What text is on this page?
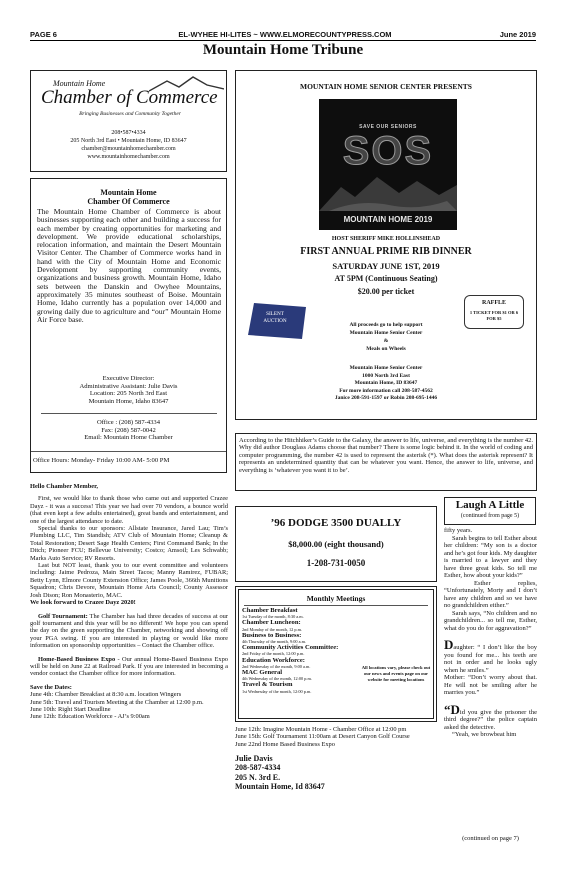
PAGE 6	EL-WYHEE HI-LITES ~ WWW.ELMORECOUNTYPRESS.COM	June 2019
Mountain Home Tribune
Mountain Home
Chamber of Commerce
Bringing Businesses and Community Together
208•587•4334
205 North 3rd East • Mountain Home, ID 83647
chamber@mountainhomechamber.com
www.mountainhomechamber.com
Mountain Home
Chamber Of Commerce

The Mountain Home Chamber of Commerce is about businesses supporting each other and building a success for each member by creating opportunities for marketing and development. We provide educational scholarships, relocation information, and maintain the Desert Mountain Visitor Center. The Chamber of Commerce works hand in hand with the City of Mountain Home and Economic Development by supporting community events, organizations and business growth. Mountain Home, Idaho sets between the Danskin and Owyhee Mountains, approximately 35 minutes southeast of Boise. Mountain Home, Idaho currently has a population over 14,000 and growing daily due to agriculture and “our” Mountain Home Air Force base.

Executive Director:
Administrative Assistant: Julie Davis
Location: 205 North 3rd East
Mountain Home, Idaho 83647
Office : (208) 587-4334
Fax: (208) 587-0042
Email: Mountain Home Chamber
Office Hours: Monday- Friday 10:00 AM- 5:00 PM
MOUNTAIN HOME SENIOR CENTER PRESENTS
SAVE OUR SENIORS
SOS
MOUNTAIN HOME 2019
HOST SHERIFF MIKE HOLLINSHEAD
FIRST ANNUAL PRIME RIB DINNER
SATURDAY JUNE 1ST, 2019
AT 5PM (Continuous Seating)
$20.00 per ticket
SILENT AUCTION
RAFFLE
1 TICKET FOR $1 OR 6 FOR $5
All proceeds go to help support
Mountain Home Senior Center
&
Meals on Wheels
Mountain Home Senior Center
1000 North 3rd East
Mountain Home, ID 83647
For more information call 208-587-4562
Janice 208-591-1597 or Robin 208-695-1446

According to the Hitchhiker’s Guide to the Galaxy, the answer to life, universe, and everything is the number 42. Why did author Douglass Adams choose that number? There is some logic behind it. In the world of coding and computer programming, the number 42 is used to represent the asterisk (*). What does the asterisk represent? It represents an undetermined quantity that can be whatever you want. Hence, the answer to life, universe, and everything is ‘whatever you want it to be’.

’96 DODGE 3500 DUALLY
$8,000.00 (eight thousand)
1-208-731-0050
Monthly Meetings
Chamber Breakfast
1st Tuesday of the month, 8:30 a.m.
Chamber Luncheon:
2nd Monday of the month, 12 p.m.
Business to Business:
4th Thursday of the month, 9:00 a.m.
Community Activities Committee:
2nd Friday of the month, 12:00 p.m.
Education Workforce:
2nd Wednesday of the month, 9:00 a.m.
MAC General
4th Wednesday of the month, 12:00 p.m.
Travel & Tourism
1st Wednesday of the month, 12:00 p.m.
All locations vary, please check out our news and events page on our website for meeting locations

Hello Chamber Member,

First, we would like to thank those who came out and supported Crazee Dayz - it was a success! This year we had over 70 vendors, a bounce world (that even kept a few adults entertained), great bands and entertainment, and one of the largest attendance to date.

Special thanks to our sponsors: Allstate Insurance, Jared Lau; Tim’s Plumbing LLC, Tim Standish; ATV Club of Mountain Home; Cleanup & Total Restoration; Desert Sage Health Centers; First Command Bank; In the Ditch; Pioneer FCU; Bellevue University; Costco; Amsoil; Les Schwabb; Marks Auto Service; RV Resorts.

Last but NOT least, thank you to our event committee and volunteers including: Jaime Pedroza, Main Street Tacos; Manny Ramirez, FUBAR; Betty Lynn, Elmore County Extension Office; James Poole, 366th Munitions Squadron; Chris Devore, Mountain Home Arts Council; County Assessor Josh Dison; Ron Monasterio, MAC.

We look forward to Crazee Dayz 2020!

Golf Tournament: The Chamber has had three decades of success at our golf tournament and this year will be no different! We hope you can spend the day on the green supporting the Chamber, networking and showing off your PGA swing. If you are interested in playing or would like more information on sponsorship opportunities – Contact the Chamber office.

Home-Based Business Expo - Our annual Home-Based Business Expo will be held on June 22 at Railroad Park. If you are interested in becoming a vendor contact the Chamber office for more information.

Save the Dates:

June 4th: Chamber Breakfast at 8:30 a.m. location Wingers

June 5th: Travel and Tourism Meeting at the Chamber at 12:00 p.m.

June 10th: Right Start Deadline

June 12th: Education Workforce - AJ’s 9:00am

June 12th: Imagine Mountain Home - Chamber Office at 12:00 pm

June 15th: Golf Tournament 11:00am at Desert Canyon Golf Course

June 22nd Home Based Business Expo

Julie Davis
208-587-4334
205 N. 3rd E.
Mountain Home, Id 83647
Laugh A Little
(continued from page 5)

fifty years.

Sarah begins to tell Esther about her children: “My son is a doctor and he’s got four kids. My daughter is married to a lawyer and they have three great kids. So tell me Esther, how about your kids?”

Esther replies, “Unfortunately, Morty and I don’t have any children and so we have no grandchildren either.”

Sarah says, “No children and no grandchildren... so tell me, Esther, what do you do for aggravation?”

Daughter: “ I don’t like the boy you found for me... his teeth are not in order and he looks ugly when he smiles.”

Mother: “Don’t worry about that. He will not be smiling after he marries you.”

“Did you give the prisoner the third degree?” the police captain asked the detective.

“Yeah, we browbeat him

(continued on page 7)
